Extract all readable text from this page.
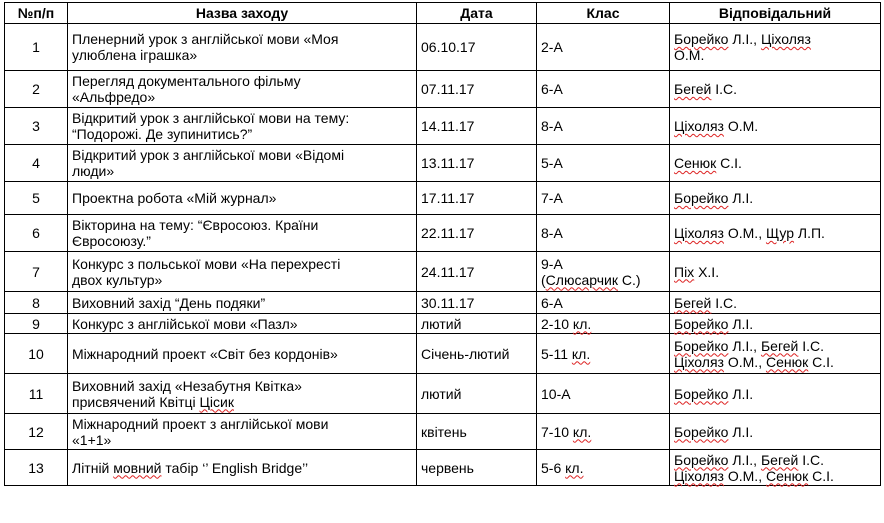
№п/п	Назва заходу	Дата	Клас	Відповідальний
1	Пленерний урок з англійської мови «Моя
улюблена іграшка»	06.10.17	2-А	Борейко Л.І., Ціхоляз
О.М.

2	Перегляд документального фільму
«Альфредо»	07.11.17	6-А	Бегей І.С.

3	Відкритий урок з англійської мови на тему:
“Подорожі. Де зупинитись?”	14.11.17	8-А	Ціхоляз О.М.

4	Відкритий урок з англійської мови «Відомі
люди»	13.11.17	5-А	Сенюк С.І.

5	Проектна робота «Мій журнал»	17.11.17	7-А	Борейко Л.І.

6	Вікторина на тему: “Євросоюз. Країни
Євросоюзу.”	22.11.17	8-А	Ціхоляз О.М., Щур Л.П.

7	Конкурс з польської мови «На перехресті
двох культур»	24.11.17	9-А
(Слюсарчик С.)	Піх Х.І.

8	Виховний захід “День подяки”	30.11.17	6-А	Бегей І.С.

9	Конкурс з англійської мови «Пазл»	лютий	2-10 кл.	Борейко Л.І.

10	Міжнародний проект «Світ без кордонів»	Січень-лютий	5-11 кл.	Борейко Л.І., Бегей І.С.
Ціхоляз О.М., Сенюк С.І.

11	Виховний захід «Незабутня Квітка»
присвячений Квітці Цісик	лютий	10-А	Борейко Л.І.

12	Міжнародний проект з англійської мови
«1+1»	квітень	7-10 кл.	Борейко Л.І.

13	Літній мовний табір ‘’ English Bridge’’	червень	5-6 кл.	Борейко Л.І., Бегей І.С.
Ціхоляз О.М., Сенюк С.І.
